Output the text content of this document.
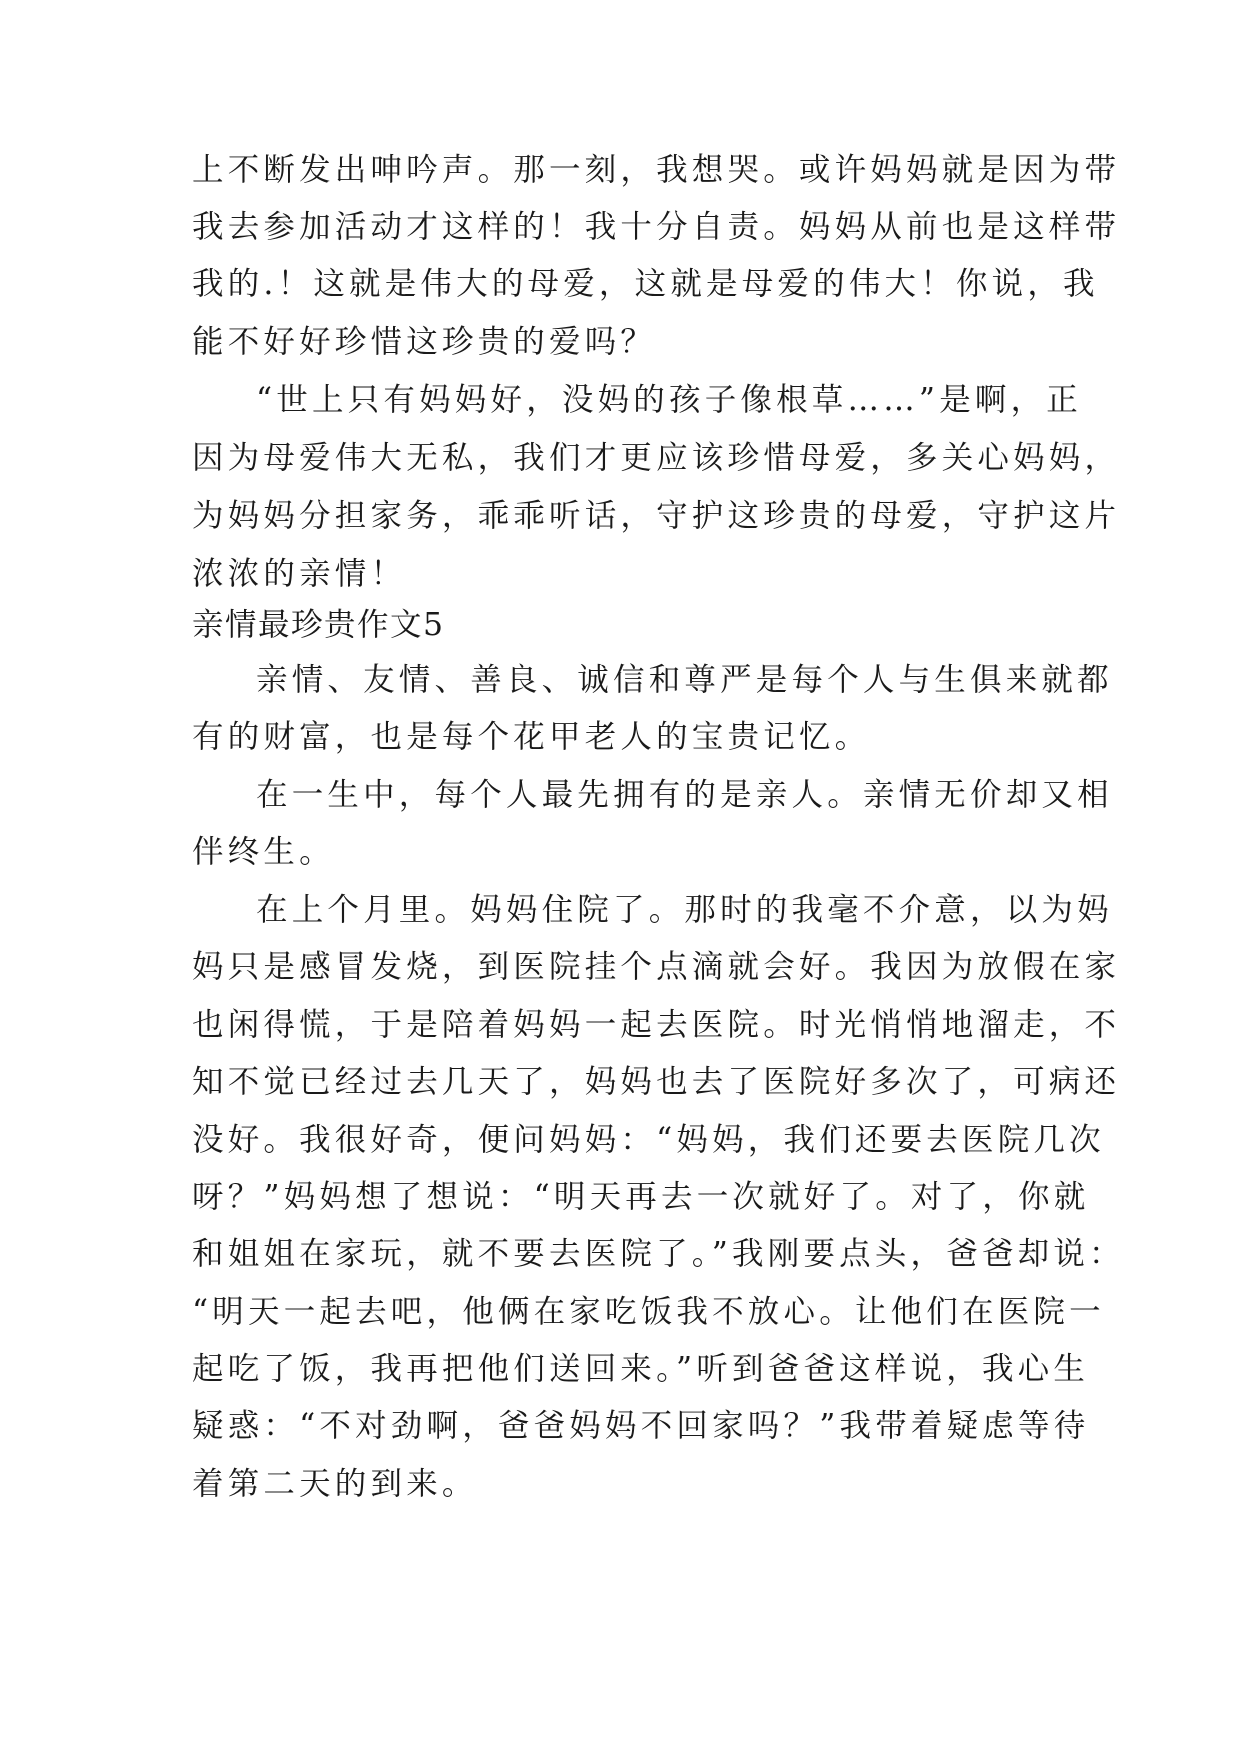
上不断发出呻吟声。那一刻，我想哭。或许妈妈就是因为带
我去参加活动才这样的！我十分自责。妈妈从前也是这样带
我的.！这就是伟大的母爱，这就是母爱的伟大！你说，我
能不好好珍惜这珍贵的爱吗？
“世上只有妈妈好，没妈的孩子像根草……”是啊，正
因为母爱伟大无私，我们才更应该珍惜母爱，多关心妈妈，
为妈妈分担家务，乖乖听话，守护这珍贵的母爱，守护这片
浓浓的亲情！
亲情最珍贵作文5
亲情、友情、善良、诚信和尊严是每个人与生俱来就都
有的财富，也是每个花甲老人的宝贵记忆。
在一生中，每个人最先拥有的是亲人。亲情无价却又相
伴终生。
在上个月里。妈妈住院了。那时的我毫不介意，以为妈
妈只是感冒发烧，到医院挂个点滴就会好。我因为放假在家
也闲得慌，于是陪着妈妈一起去医院。时光悄悄地溜走，不
知不觉已经过去几天了，妈妈也去了医院好多次了，可病还
没好。我很好奇，便问妈妈：“妈妈，我们还要去医院几次
呀？”妈妈想了想说：“明天再去一次就好了。对了，你就
和姐姐在家玩，就不要去医院了。”我刚要点头，爸爸却说：
“明天一起去吧，他俩在家吃饭我不放心。让他们在医院一
起吃了饭，我再把他们送回来。”听到爸爸这样说，我心生
疑惑：“不对劲啊，爸爸妈妈不回家吗？”我带着疑虑等待
着第二天的到来。
